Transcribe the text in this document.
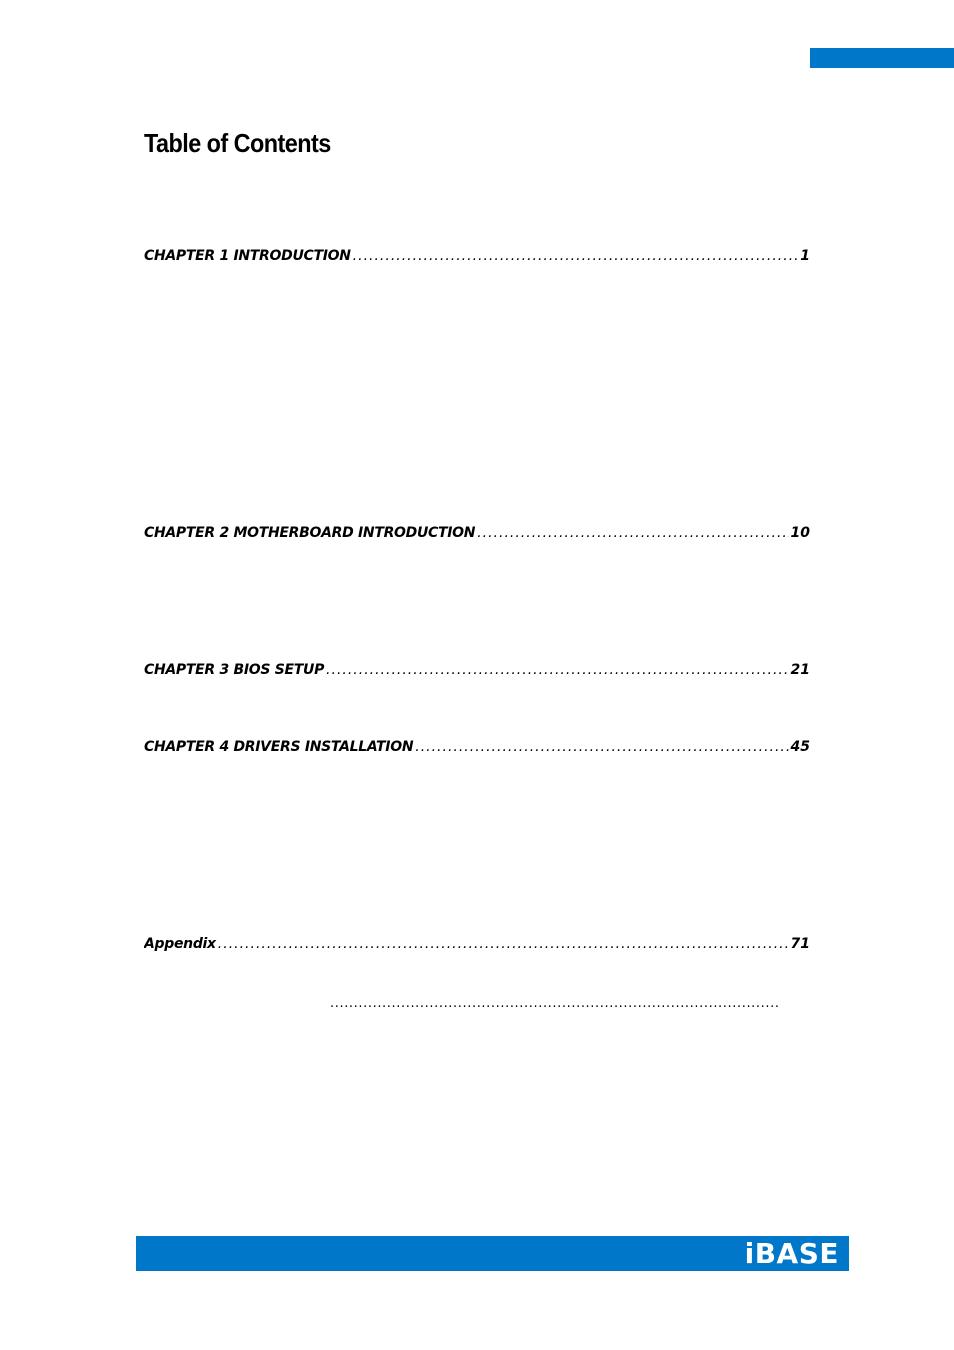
Table of Contents
CHAPTER 1 INTRODUCTION .....	1
CHAPTER 2 MOTHERBOARD INTRODUCTION .....	10
CHAPTER 3 BIOS SETUP .....	21
CHAPTER 4 DRIVERS INSTALLATION .....	45
Appendix .....	71
.....
iBASE
